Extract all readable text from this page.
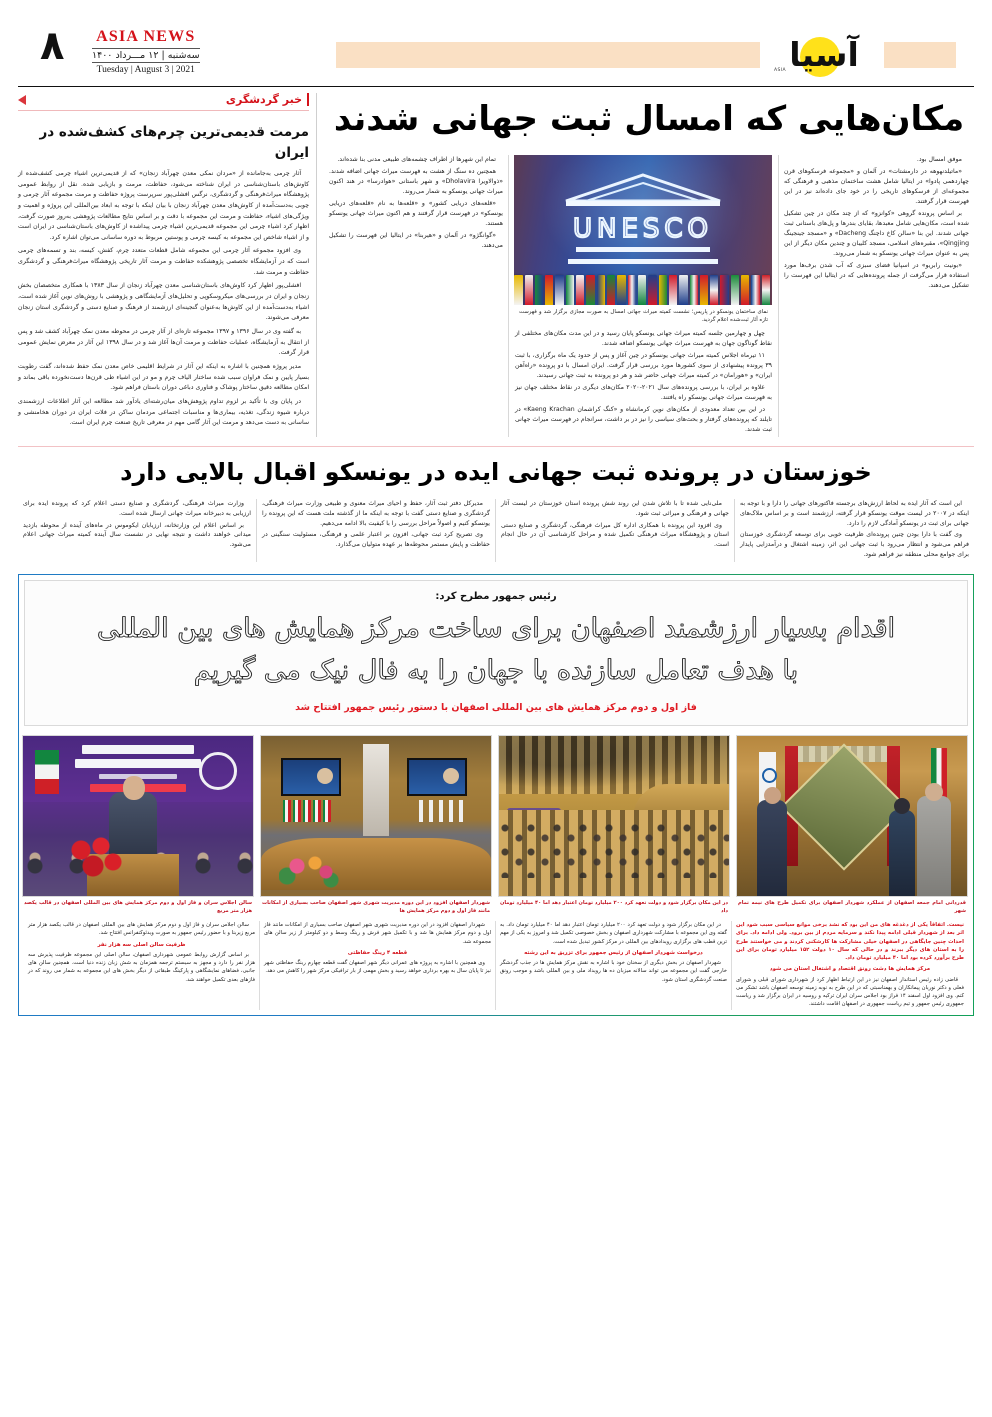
آسیا
ASIA
ASIA NEWS
سه‌شنبه | ۱۲ مـــرداد ۱۴۰۰
Tuesday | August 3 | 2021
۸
مکان‌هایی که امسال ثبت جهانی شدند

موفق امسال بود.

«ماتیلدنهوهه در دارمشتات» در آلمان و «مجموعه فرسکوهای قرن چهاردهمی پادوا» در ایتالیا شامل هشت ساختمان مذهبی و فرهنگی که مجموعه‌ای از فرسکوهای تاریخی را در خود جای داده‌اند نیز در این فهرست قرار گرفتند.

بر اساس پرونده گروهی «کوانزو» که از چند مکان در چین تشکیل شده است، مکان‌هایی شامل معبدها، بقایای بندرها و پل‌های باستانی ثبت جهانی شدند. این بنا «سالن کاخ داچنگ Dacheng» و «مسجد جینجینگ Qingjing»، مقبره‌های اسلامی، مسجد کلیبان و چندین مکان دیگر از این پس به عنوان میراث جهانی یونسکو به شمار می‌روند.

«بونیت رابریو» در اسپانیا فضای سبزی که آب شدن برف‌ها مورد استفاده قرار می‌گرفت از جمله پرونده‌هایی که در ایتالیا این فهرست را تشکیل می‌دهند.

UNESCO
نمای ساختمان یونسکو در پاریس؛ نشست کمیته میراث جهانی امسال به صورت مجازی برگزار شد و فهرست تازه آثار ثبت‌شده اعلام گردید.

چهل و چهارمین جلسه کمیته میراث جهانی یونسکو پایان رسید و در این مدت مکان‌های مختلفی از نقاط گوناگون جهان به فهرست میراث جهانی یونسکو اضافه شدند.

۱۱ تیرماه اجلاس کمیته میراث جهانی یونسکو در چین آغاز و پس از حدود یک ماه برگزاری، با ثبت ۳۹ پرونده پیشنهادی از سوی کشورها مورد بررسی قرار گرفت. ایران امسال با دو پرونده «راه‌آهن ایران» و «هورامان» در کمیته میراث جهانی حاضر شد و هر دو پرونده به ثبت جهانی رسیدند.

علاوه بر ایران، با بررسی پرونده‌های سال ۲۰۲۱-۲۰۲۰ مکان‌های دیگری در نقاط مختلف جهان نیز به فهرست میراث جهانی یونسکو راه یافتند.

در این بین تعداد معدودی از مکان‌های نوین کرمانشاه و «کنگ کراشمان Kaeng Krachan» در تایلند که پرونده‌های گرفتار و بحث‌های سیاسی را نیز در بر داشت، سرانجام در فهرست میراث جهانی ثبت شدند.

تمام این شهرها از اطراف چشمه‌های طبیعی مدنی بنا شده‌اند.

همچنین ده سنگ از هشت به فهرست میراث جهانی اضافه شدند. «ذوالاویرا Dholavira» و شهر باستانی «هوادرسا» در هند اکنون میراث جهانی یونسکو به شمار می‌روند.

«قلعه‌های دریایی کشور» و «قلعه‌ها به نام «قلعه‌های دریایی یونسکو» در فهرست قرار گرفتند و هم اکنون میراث جهانی یونسکو هستند.

«گوانگژو» در آلمان و «هیربنا» در ایتالیا این فهرست را تشکیل می‌دهند.

خبر گردشگری
مرمت قدیمی‌ترین چرم‌های کشف‌شده در ایران

آثار چرمی به‌جامانده از «مردان نمکی معدن چهرآباد زنجان» که از قدیمی‌ترین اشیاء چرمی کشف‌شده از کاوش‌های باستان‌شناسی در ایران شناخته می‌شود، حفاظت، مرمت و بازیابی شده. نقل از روابط عمومی پژوهشگاه میراث‌فرهنگی و گردشگری، نرگس افشلی‌پور سرپرست پروژه حفاظت و مرمت مجموعه آثار چرمی و چوبی به‌دست‌آمده از کاوش‌های معدن چهرآباد زنجان با بیان اینکه با توجه به ابعاد بین‌المللی این پروژه و اهمیت و ویژگی‌های اشیاء، حفاظت و مرمت این مجموعه با دقت و بر اساس نتایج مطالعات پژوهشی به‌روز صورت گرفت، اظهار کرد اشیاء چرمی این مجموعه قدیمی‌ترین اشیاء چرمی پیداشده از کاوش‌های باستان‌شناسی در ایران است و از اشیاء شاخص این مجموعه به کیسه چرمی و پوستین مربوط به دوره ساسانی می‌توان اشاره کرد.

وی افزود مجموعه آثار چرمی این مجموعه شامل قطعات متعدد چرم، کفش، کیسه، بند و تسمه‌های چرمی است که در آزمایشگاه تخصصی پژوهشکده حفاظت و مرمت آثار تاریخی پژوهشگاه میراث‌فرهنگی و گردشگری حفاظت و مرمت شد.

افشلی‌پور اظهار کرد کاوش‌های باستان‌شناسی معدن چهرآباد زنجان از سال ۱۳۸۳ با همکاری متخصصان بخش زنجان و ایران در بررسی‌های میکروسکوپی و تحلیل‌های آزمایشگاهی و پژوهشی با روش‌های نوین آغاز شده است، اشیاء به‌دست‌آمده از این کاوش‌ها به‌عنوان گنجینه‌ای ارزشمند از فرهنگ و صنایع دستی و گردشگری استان زنجان معرفی می‌شوند.

به گفته وی در سال ۱۳۹۶ و ۱۳۹۷ مجموعه تازه‌ای از آثار چرمی در محوطه معدن نمک چهرآباد کشف شد و پس از انتقال به آزمایشگاه، عملیات حفاظت و مرمت آن‌ها آغاز شد و در سال ۱۳۹۸ این آثار در معرض نمایش عمومی قرار گرفت.

مدیر پروژه همچنین با اشاره به اینکه این آثار در شرایط اقلیمی خاص معدن نمک حفظ شده‌اند، گفت رطوبت بسیار پایین و نمک فراوان سبب شده ساختار الیاف چرم و مو در این اشیاء طی قرن‌ها دست‌نخورده باقی بماند و امکان مطالعه دقیق ساختار پوشاک و فناوری دباغی دوران باستان فراهم شود.

در پایان وی با تأکید بر لزوم تداوم پژوهش‌های میان‌رشته‌ای یادآور شد مطالعه این آثار اطلاعات ارزشمندی درباره شیوه زندگی، تغذیه، بیماری‌ها و مناسبات اجتماعی مردمان ساکن در فلات ایران در دوران هخامنشی و ساسانی به دست می‌دهد و مرمت این آثار گامی مهم در معرفی تاریخ صنعت چرم ایران است.

خوزستان در پرونده ثبت جهانی ایده در یونسکو اقبال بالایی دارد

این است که آثار ایده به لحاظ ارزش‌های برجسته فاکتورهای جهانی را دارا و با توجه به اینکه در ۲۰۰۷ در لیست موقت یونسکو قرار گرفته، ارزشمند است و بر اساس ملاک‌های جهانی برای ثبت در یونسکو آمادگی لازم را دارد.

وی گفت با دارا بودن چنین پرونده‌ای ظرفیت خوبی برای توسعه گردشگری خوزستان فراهم می‌شود و انتظار می‌رود با ثبت جهانی این اثر، زمینه اشتغال و درآمدزایی پایدار برای جوامع محلی منطقه نیز فراهم شود.

ملی‌نایی شده تا با تلاش شدن این روند شش پرونده استان خوزستان در لیست آثار جهانی و فرهنگی و میراثی ثبت شود.

وی افزود این پرونده با همکاری اداره کل میراث فرهنگی، گردشگری و صنایع دستی استان و پژوهشگاه میراث فرهنگی تکمیل شده و مراحل کارشناسی آن در حال انجام است.

مدیرکل دفتر ثبت آثار، حفظ و احیای میراث معنوی و طبیعی وزارت میراث فرهنگی، گردشگری و صنایع دستی گفت با توجه به اینکه ما از گذشته ملت هست که این پرونده را یونسکو کنیم و اصولاً مراحل بررسی را با کیفیت بالا ادامه می‌دهیم.

وی تصریح کرد ثبت جهانی، افزون بر اعتبار علمی و فرهنگی، مسئولیت سنگینی در حفاظت و پایش مستمر محوطه‌ها بر عهده متولیان می‌گذارد.

وزارت میراث فرهنگی، گردشگری و صنایع دستی اعلام کرد که پرونده ایده برای ارزیابی به دبیرخانه میراث جهانی ارسال شده است.

بر اساس اعلام این وزارتخانه، ارزیابان ایکوموس در ماه‌های آینده از محوطه بازدید میدانی خواهند داشت و نتیجه نهایی در نشست سال آینده کمیته میراث جهانی اعلام می‌شود.

رئیس جمهور مطرح کرد:
اقدام بسیار ارزشمند اصفهان برای ساخت مرکز همایش های بین المللی
با هدف تعامل سازنده با جهان را به فال نیک می گیریم
فاز اول و دوم مرکز همایش های بین المللی اصفهان با دستور رئیس جمهور افتتاح شد
قدردانی امام جمعه اصفهان از عملکرد شهردار اصفهان برای تکمیل طرح های نیمه تمام شهر
در این مکان برگزار شود و دولت تعهد کرد ۲۰۰ میلیارد تومان اعتبار دهد اما ۴۰ میلیارد تومان داد
شهردار اصفهان افزود در این دوره مدیریت شهری شهر اصفهان صاحب بسیاری از امکانات مانند فاز اول و دوم مرکز همایش ها
سالن اجلاس سران و فاز اول و دوم مرکز همایش های بین المللی اصفهان در قالب یکصد هزار متر مربع

نیست. اتفاقاً یکی از دغدغه های من این بود که نشد برخی موانع سیاسی سبب شود این اثر بعد از شهردار قبلی ادامه پیدا نکند و سرمایه مردم از بین برود. ولی ادامه داد. برای احداث چنین جایگاهی در اصفهان خیلی مشارکت ها کارشکنی کردند و می خواستند طرح را به استان های دیگر ببرند و در حالی که سال ۱۰ دولت ۱۵۲ میلیارد تومان برای این طرح برآورد کرده بود اما ۴۰ میلیارد تومان داد.

مرکز همایش ها دشت رونق اقتصاد و اشتغال استان می شود

قاضی زاده رئیس استاندار اصفهان نیز در این ارتباط اظهار کرد از شهرداری شورای قبلی و شورای فعلی و دکتر نوریان پیمانکاران و بهمناسبتی که در این طرح به نوبه زمینه توسعه اصفهان باشد تشکر می کنم. وی افزود اول اسفند ۱۴ فراز بود اجلاس سران ایران ترکیه و روسیه در ایران برگزار شد و ریاست جمهوری رئیس جمهور و تیم ریاست جمهوری در اصفهان اقامت داشتند.

در این مکان برگزار شود و دولت تعهد کرد ۲۰۰ میلیارد تومان اعتبار دهد اما ۴۰ میلیارد تومان داد. به گفته وی این مجموعه با مشارکت شهرداری اصفهان و بخش خصوصی تکمیل شد و امروز به یکی از مهم ترین قطب های برگزاری رویدادهای بین المللی در مرکز کشور تبدیل شده است.

درخواست شهردار اصفهان از رئیس جمهور برای تزریق به این رشته

شهردار اصفهان در بخش دیگری از سخنان خود با اشاره به نقش مرکز همایش ها در جذب گردشگر خارجی گفت این مجموعه می تواند سالانه میزبان ده ها رویداد ملی و بین المللی باشد و موجب رونق صنعت گردشگری استان شود.

شهردار اصفهان افزود در این دوره مدیریت شهری شهر اصفهان صاحب بسیاری از امکانات مانند فاز اول و دوم مرکز همایش ها شد و با تکمیل شهر فرش و رینگ وسط و دو کیلومتر از زیر سالن های مجموعه شد.

قطعه ۴ رینگ حفاظتی

وی همچنین با اشاره به پروژه های عمرانی دیگر شهر اصفهان گفت قطعه چهارم رینگ حفاظتی شهر نیز تا پایان سال به بهره برداری خواهد رسید و بخش مهمی از بار ترافیکی مرکز شهر را کاهش می دهد.

سالن اجلاس سران و فاز اول و دوم مرکز همایش های بین المللی اصفهان در قالب یکصد هزار متر مربع زیربنا و با حضور رئیس جمهور به صورت ویدئوکنفرانس افتتاح شد.

ظرفیت سالن اصلی سه هزار نفر

بر اساس گزارش روابط عمومی شهرداری اصفهان، سالن اصلی این مجموعه ظرفیت پذیرش سه هزار نفر را دارد و مجهز به سیستم ترجمه همزمان به شش زبان زنده دنیا است. همچنین سالن های جانبی، فضاهای نمایشگاهی و پارکینگ طبقاتی از دیگر بخش های این مجموعه به شمار می روند که در فازهای بعدی تکمیل خواهند شد.
